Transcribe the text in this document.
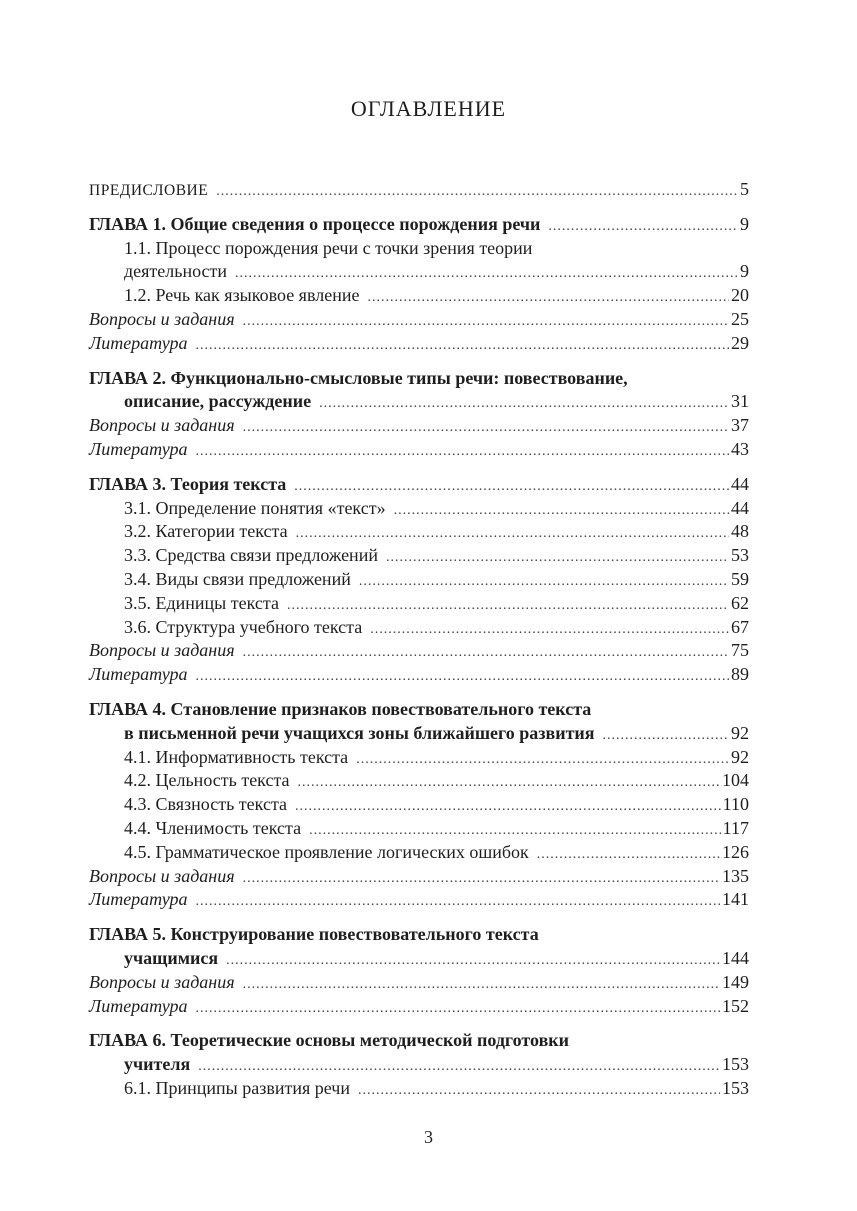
ОГЛАВЛЕНИЕ
ПРЕДИСЛОВИЕ .....	5
ГЛАВА 1. Общие сведения о процессе порождения речи .....	9
1.1. Процесс порождения речи с точки зрения теории
деятельности .....	9
1.2. Речь как языковое явление .....	20
Вопросы и задания .....	25
Литература .....	29
ГЛАВА 2. Функционально-смысловые типы речи: повествование,
описание, рассуждение .....	31
Вопросы и задания .....	37
Литература .....	43
ГЛАВА 3. Теория текста .....	44
3.1. Определение понятия «текст» .....	44
3.2. Категории текста .....	48
3.3. Средства связи предложений .....	53
3.4. Виды связи предложений .....	59
3.5. Единицы текста .....	62
3.6. Структура учебного текста .....	67
Вопросы и задания .....	75
Литература .....	89
ГЛАВА 4. Становление признаков повествовательного текста
в письменной речи учащихся зоны ближайшего развития .....	92
4.1. Информативность текста .....	92
4.2. Цельность текста .....	104
4.3. Связность текста .....	110
4.4. Членимость текста .....	117
4.5. Грамматическое проявление логических ошибок .....	126
Вопросы и задания .....	135
Литература .....	141
ГЛАВА 5. Конструирование повествовательного текста
учащимися .....	144
Вопросы и задания .....	149
Литература .....	152
ГЛАВА 6. Теоретические основы методической подготовки
учителя .....	153
6.1. Принципы развития речи .....	153
3
